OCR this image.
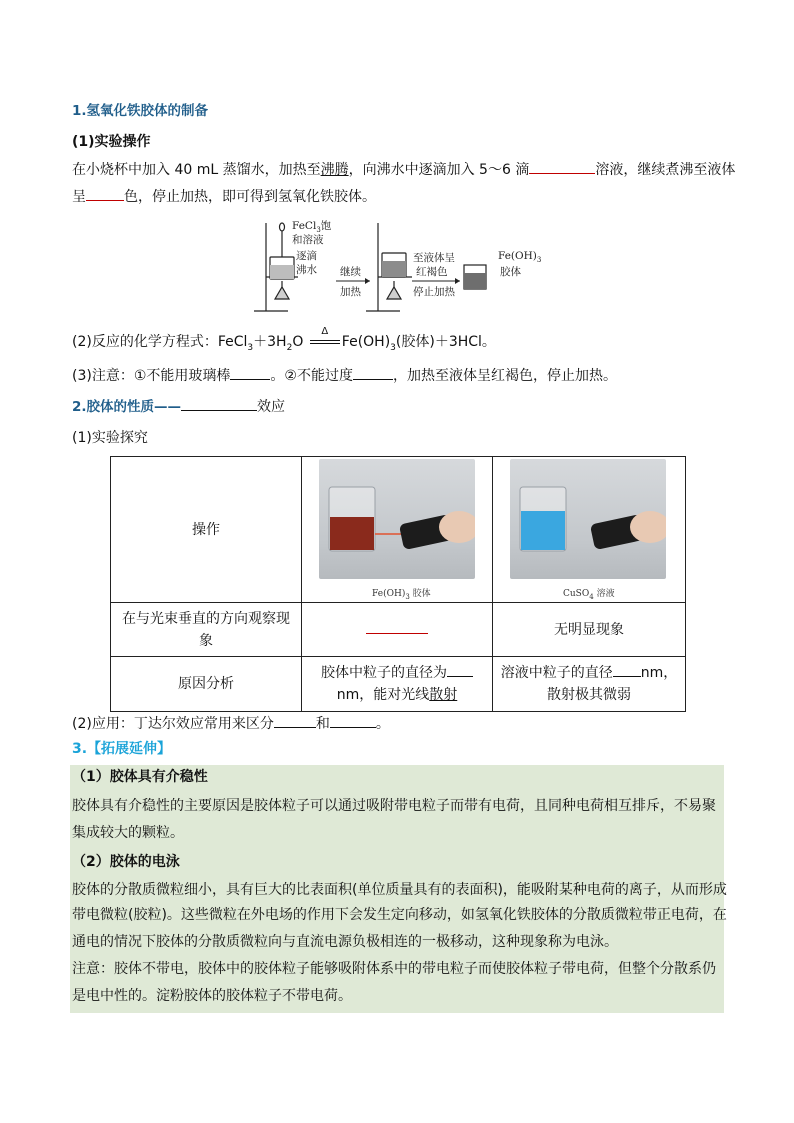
1.氢氧化铁胶体的制备
(1)实验操作
在小烧杯中加入 40 mL 蒸馏水，加热至沸腾，向沸水中逐滴加入 5～6 滴	溶液，继续煮沸至液体
呈	色，停止加热，即可得到氢氧化铁胶体。
FeCl$_3$饱
和溶液
逐滴
沸水 继续
加热
至液体呈
红褐色
停止加热
$Fe(OH)_3$
胶体
(2)反应的化学方程式：$FeCl_3+3H_2O$
Δ
$Fe(OH)_3$(胶体)＋3HCl。
(3)注意：①不能用玻璃棒	。②不能过度	，加热至液体呈红褐色，停止加热。
2.胶体的性质——	效应
(1)实验探究
操作	$Fe(OH)_3$ 胶体	CuSO$_4$ 溶液

在与光束垂直的方向观察现
象		无明显现象
原因分析	胶体中粒子的直径为
nm，能对光线散射	溶液中粒子的直径 nm，
散射极其微弱
(2)应用：丁达尔效应常用来区分	和	。
3.【拓展延伸】
（1）胶体具有介稳性
胶体具有介稳性的主要原因是胶体粒子可以通过吸附带电粒子而带有电荷，且同种电荷相互排斥，不易聚
集成较大的颗粒。
（2）胶体的电泳
胶体的分散质微粒细小，具有巨大的比表面积(单位质量具有的表面积)，能吸附某种电荷的离子，从而形成
带电微粒(胶粒)。这些微粒在外电场的作用下会发生定向移动，如氢氧化铁胶体的分散质微粒带正电荷，在
通电的情况下胶体的分散质微粒向与直流电源负极相连的一极移动，这种现象称为电泳。
注意：胶体不带电，胶体中的胶体粒子能够吸附体系中的带电粒子而使胶体粒子带电荷，但整个分散系仍
是电中性的。淀粉胶体的胶体粒子不带电荷。
